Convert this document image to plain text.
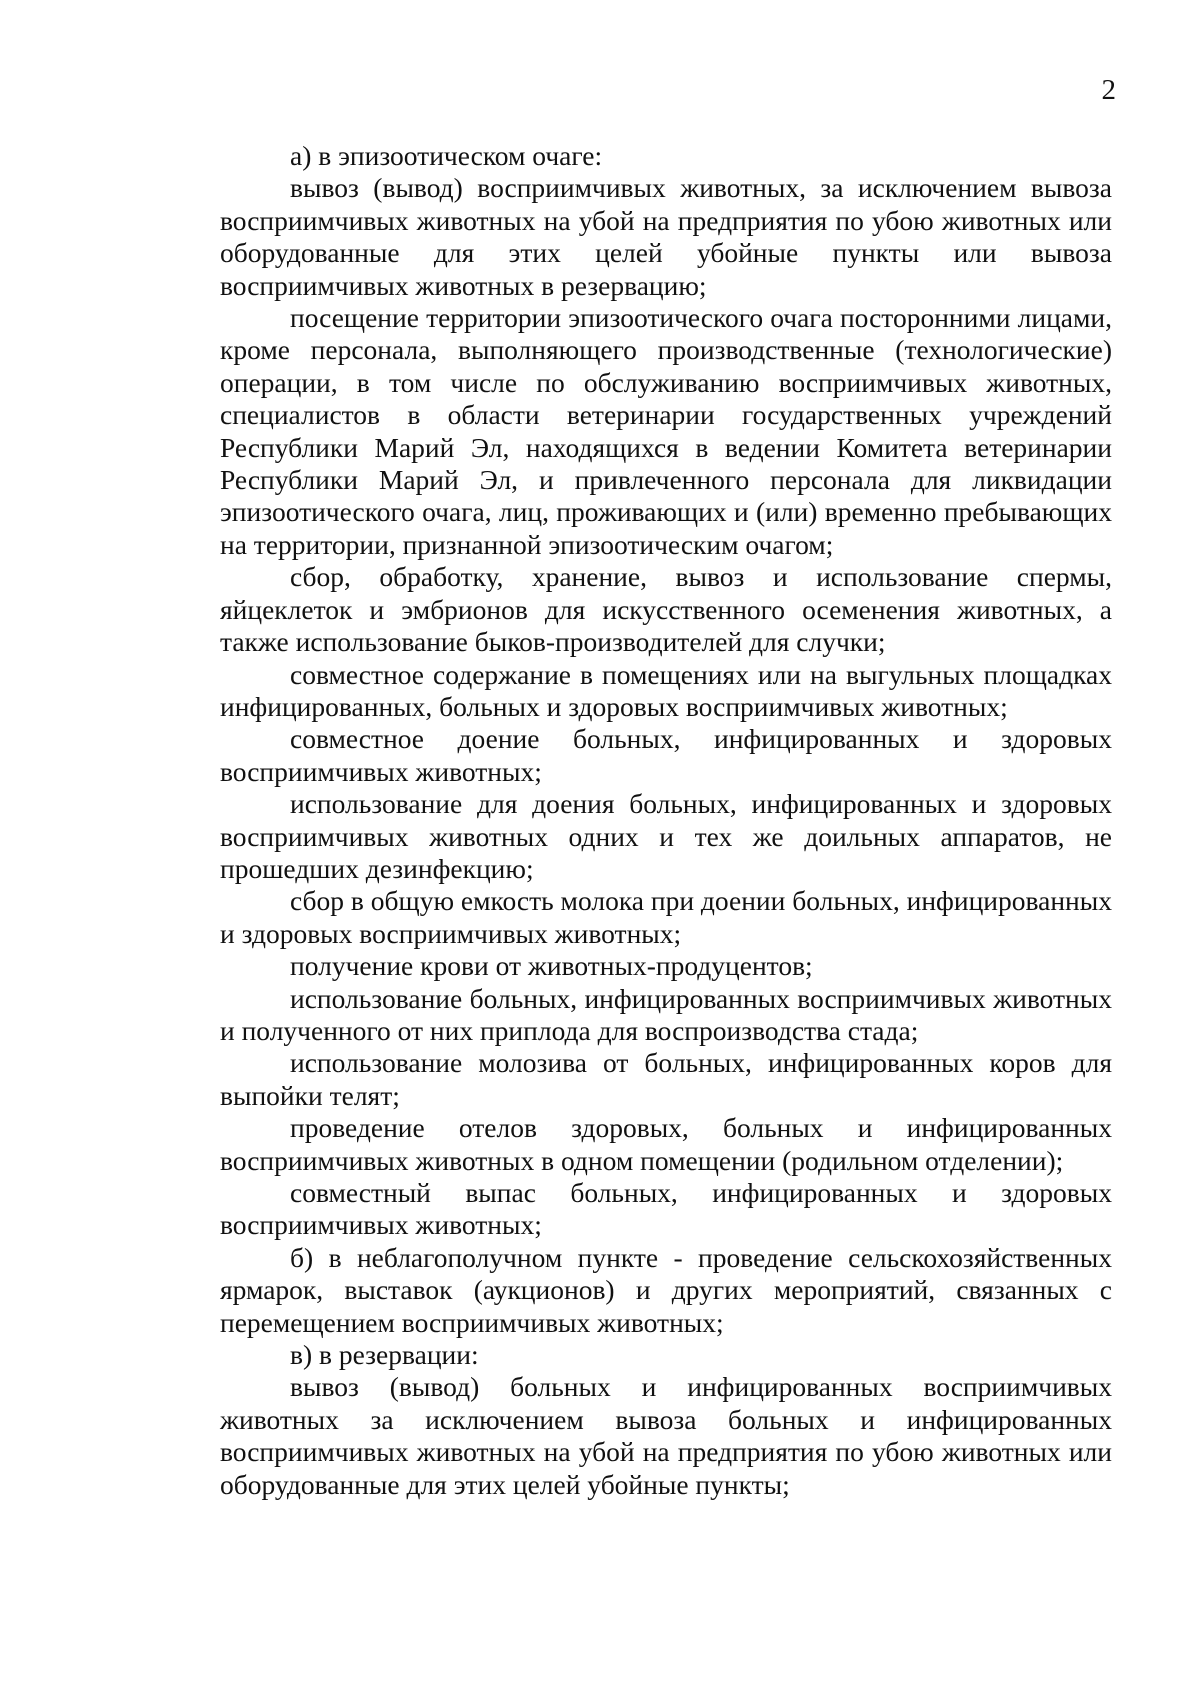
2

а) в эпизоотическом очаге:

вывоз (вывод) восприимчивых животных, за исключением вывоза восприимчивых животных на убой на предприятия по убою животных или оборудованные для этих целей убойные пункты или вывоза восприимчивых животных в резервацию;

посещение территории эпизоотического очага посторонними лицами, кроме персонала, выполняющего производственные (технологические) операции, в том числе по обслуживанию восприимчивых животных, специалистов в области ветеринарии государственных учреждений Республики Марий Эл, находящихся в ведении Комитета ветеринарии Республики Марий Эл, и привлеченного персонала для ликвидации эпизоотического очага, лиц, проживающих и (или) временно пребывающих на территории, признанной эпизоотическим очагом;

сбор, обработку, хранение, вывоз и использование спермы, яйцеклеток и эмбрионов для искусственного осеменения животных, а также использование быков-производителей для случки;

совместное содержание в помещениях или на выгульных площадках инфицированных, больных и здоровых восприимчивых животных;

совместное доение больных, инфицированных и здоровых восприимчивых животных;

использование для доения больных, инфицированных и здоровых восприимчивых животных одних и тех же доильных аппаратов, не прошедших дезинфекцию;

сбор в общую емкость молока при доении больных, инфицированных и здоровых восприимчивых животных;

получение крови от животных-продуцентов;

использование больных, инфицированных восприимчивых животных и полученного от них приплода для воспроизводства стада;

использование молозива от больных, инфицированных коров для выпойки телят;

проведение отелов здоровых, больных и инфицированных восприимчивых животных в одном помещении (родильном отделении);

совместный выпас больных, инфицированных и здоровых восприимчивых животных;

б) в неблагополучном пункте - проведение сельскохозяйственных ярмарок, выставок (аукционов) и других мероприятий, связанных с перемещением восприимчивых животных;

в) в резервации:

вывоз (вывод) больных и инфицированных восприимчивых животных за исключением вывоза больных и инфицированных восприимчивых животных на убой на предприятия по убою животных или оборудованные для этих целей убойные пункты;
